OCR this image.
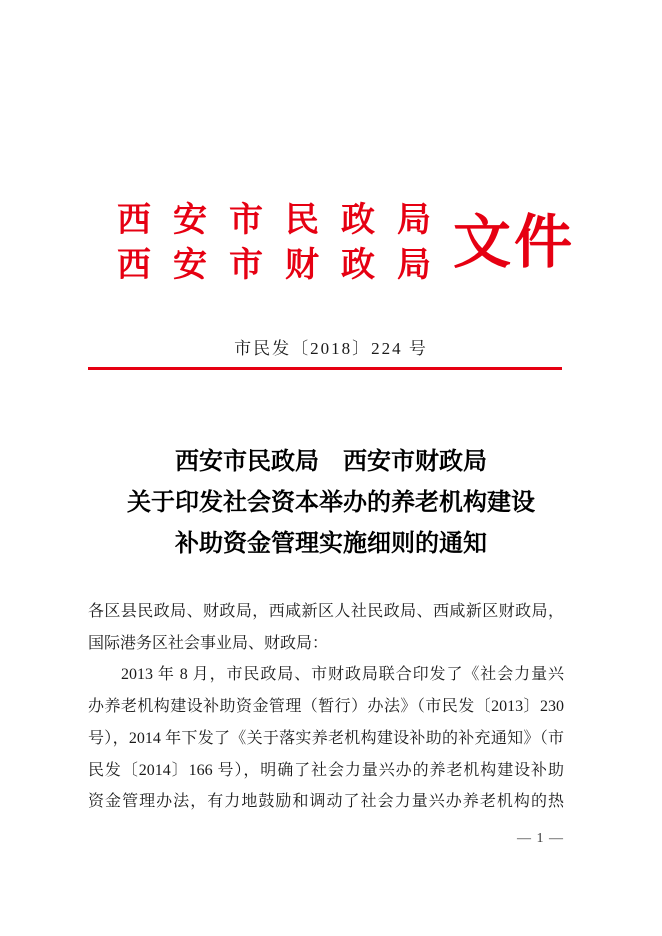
西安市民政局
西安市财政局 文件
市民发〔2018〕224 号
西安市民政局　西安市财政局
关于印发社会资本举办的养老机构建设
补助资金管理实施细则的通知
各区县民政局、财政局，西咸新区人社民政局、西咸新区财政局，
国际港务区社会事业局、财政局：
2013 年 8 月，市民政局、市财政局联合印发了《社会力量兴
办养老机构建设补助资金管理（暂行）办法》（市民发〔2013〕230
号），2014 年下发了《关于落实养老机构建设补助的补充通知》（市
民发〔2014〕166 号），明确了社会力量兴办的养老机构建设补助
资金管理办法，有力地鼓励和调动了社会力量兴办养老机构的热
— 1 —
